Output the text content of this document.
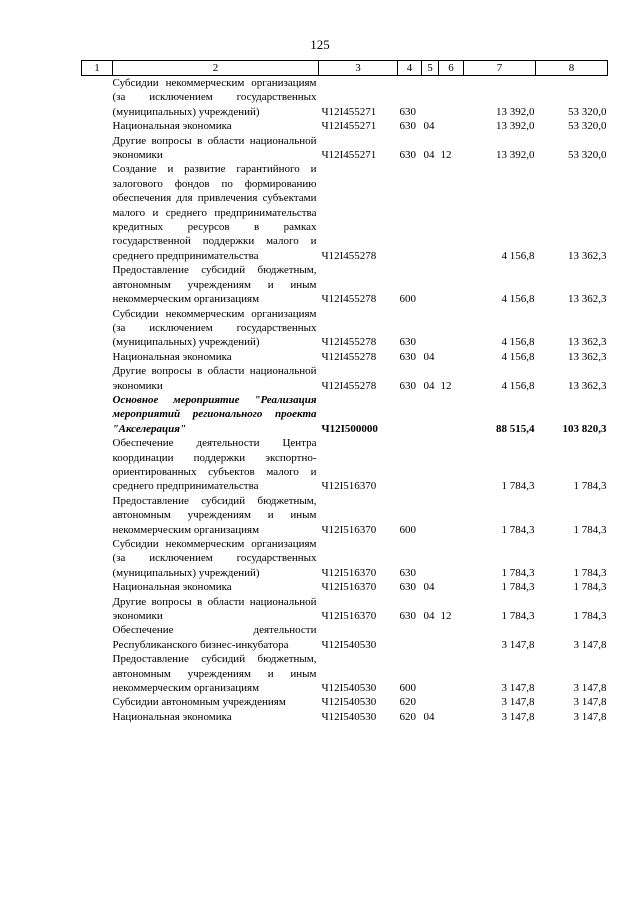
125
1	2	3	4	5	6	7	8
	Субсидии некоммерческим организациям (за исключением государственных (муниципальных) учреждений)	Ч12I455271	630			13 392,0	53 320,0
	Национальная экономика	Ч12I455271	630	04		13 392,0	53 320,0
	Другие вопросы в области национальной экономики	Ч12I455271	630	04	12	13 392,0	53 320,0
	Создание и развитие гарантийного и залогового фондов по формированию обеспечения для привлечения субъектами малого и среднего предпринимательства кредитных ресурсов в рамках государственной поддержки малого и среднего предпринимательства	Ч12I455278				4 156,8	13 362,3
	Предоставление субсидий бюджетным, автономным учреждениям и иным некоммерческим организациям	Ч12I455278	600			4 156,8	13 362,3
	Субсидии некоммерческим организациям (за исключением государственных (муниципальных) учреждений)	Ч12I455278	630			4 156,8	13 362,3
	Национальная экономика	Ч12I455278	630	04		4 156,8	13 362,3
	Другие вопросы в области национальной экономики	Ч12I455278	630	04	12	4 156,8	13 362,3
	Основное мероприятие "Реализация мероприятий регионального проекта "Акселерация"	Ч12I500000				88 515,4	103 820,3
	Обеспечение деятельности Центра координации поддержки экспортно-ориентированных субъектов малого и среднего предпринимательства	Ч12I516370				1 784,3	1 784,3
	Предоставление субсидий бюджетным, автономным учреждениям и иным некоммерческим организациям	Ч12I516370	600			1 784,3	1 784,3
	Субсидии некоммерческим организациям (за исключением государственных (муниципальных) учреждений)	Ч12I516370	630			1 784,3	1 784,3
	Национальная экономика	Ч12I516370	630	04		1 784,3	1 784,3
	Другие вопросы в области национальной экономики	Ч12I516370	630	04	12	1 784,3	1 784,3
	Обеспечение деятельности Республиканского бизнес-инкубатора	Ч12I540530				3 147,8	3 147,8
	Предоставление субсидий бюджетным, автономным учреждениям и иным некоммерческим организациям	Ч12I540530	600			3 147,8	3 147,8
	Субсидии автономным учреждениям	Ч12I540530	620			3 147,8	3 147,8
	Национальная экономика	Ч12I540530	620	04		3 147,8	3 147,8
